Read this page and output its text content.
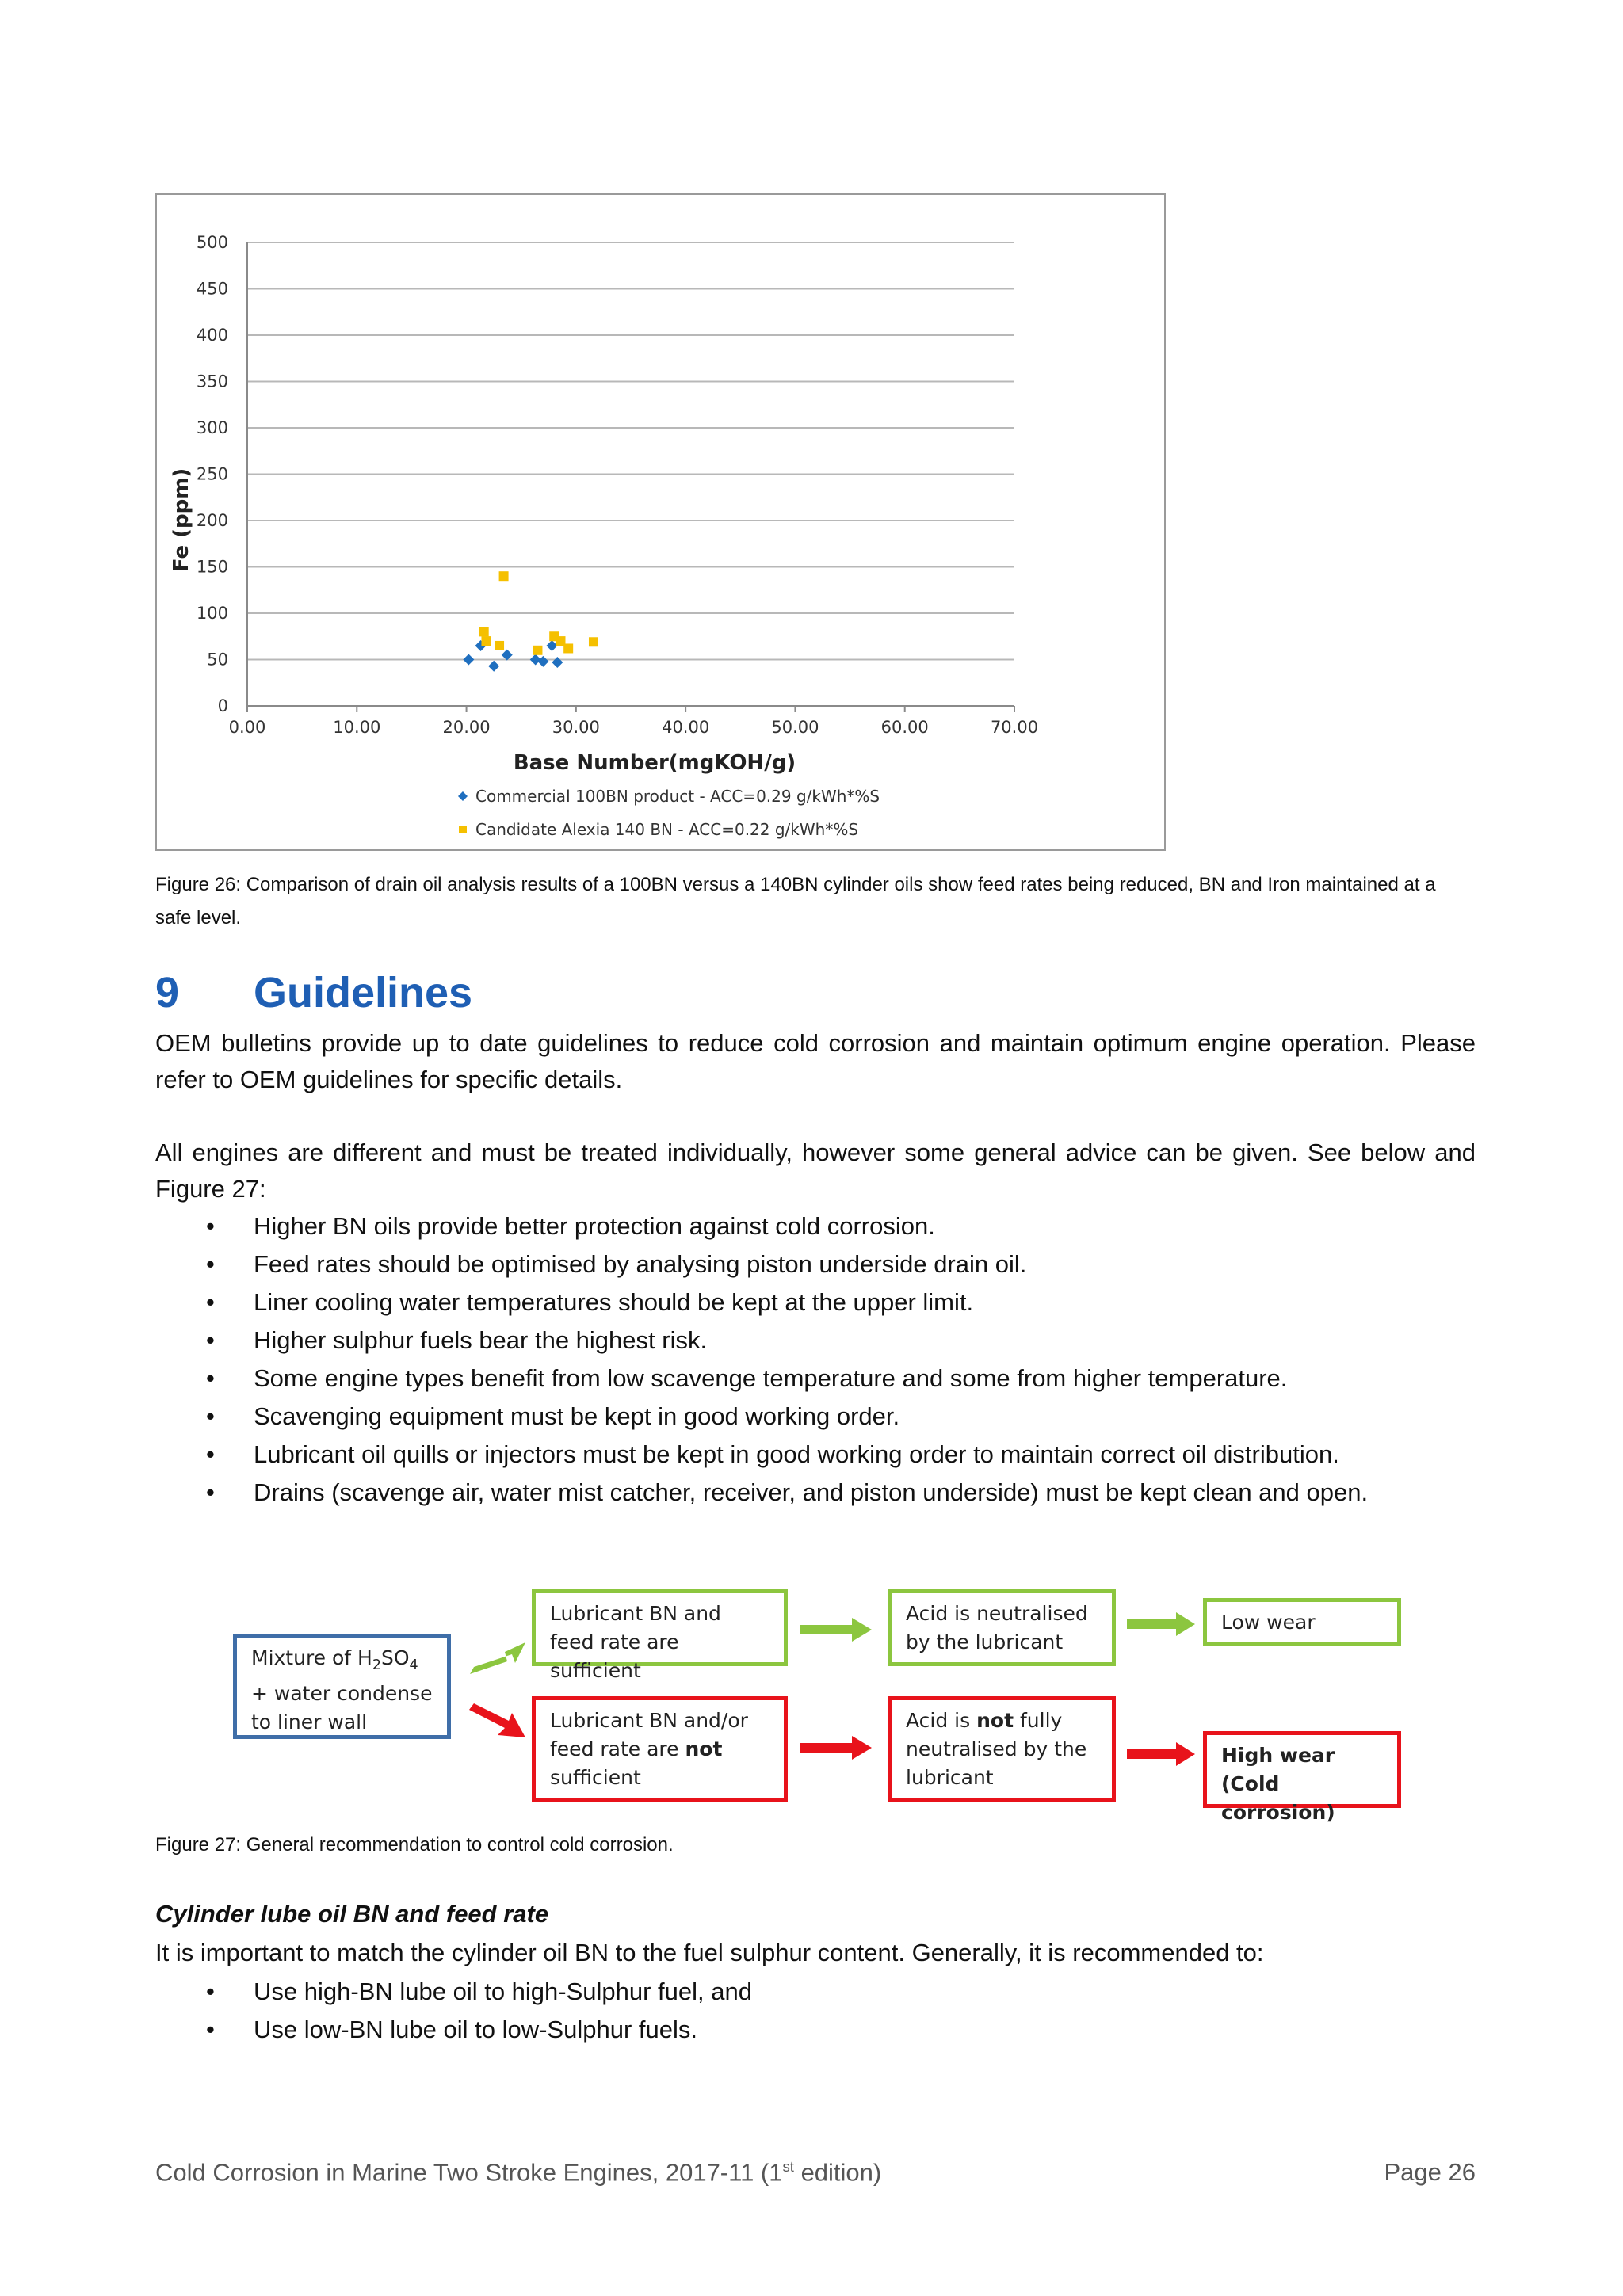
0
50
100
150
200
250
300
350
400
450
500
0.00	10.00	20.00	30.00	40.00	50.00	60.00	70.00
Base Number(mgKOH/g)
Fe (ppm)
Commercial 100BN product - ACC=0.29 g/kWh*%S
Candidate Alexia 140 BN - ACC=0.22 g/kWh*%S
Figure 26: Comparison of drain oil analysis results of a 100BN versus a 140BN cylinder oils show feed rates being reduced, BN and Iron maintained at a safe level.
9 Guidelines
OEM bulletins provide up to date guidelines to reduce cold corrosion and maintain optimum engine operation. Please refer to OEM guidelines for specific details.
All engines are different and must be treated individually, however some general advice can be given. See below and Figure 27:
• Higher BN oils provide better protection against cold corrosion.
• Feed rates should be optimised by analysing piston underside drain oil.
• Liner cooling water temperatures should be kept at the upper limit.
• Higher sulphur fuels bear the highest risk.
• Some engine types benefit from low scavenge temperature and some from higher temperature.
• Scavenging equipment must be kept in good working order.
• Lubricant oil quills or injectors must be kept in good working order to maintain correct oil distribution.
• Drains (scavenge air, water mist catcher, receiver, and piston underside) must be kept clean and open.
Mixture of $H_2SO_4$ + water condense to liner wall
Lubricant BN and feed rate are sufficient
Acid is neutralised by the lubricant
Low wear
Lubricant BN and/or feed rate are not sufficient
Acid is not fully neutralised by the lubricant
High wear
(Cold corrosion)
Figure 27: General recommendation to control cold corrosion.
Cylinder lube oil BN and feed rate
It is important to match the cylinder oil BN to the fuel sulphur content. Generally, it is recommended to:
• Use high-BN lube oil to high-Sulphur fuel, and
• Use low-BN lube oil to low-Sulphur fuels.
Cold Corrosion in Marine Two Stroke Engines, 2017-11 (1st edition)	Page 26
